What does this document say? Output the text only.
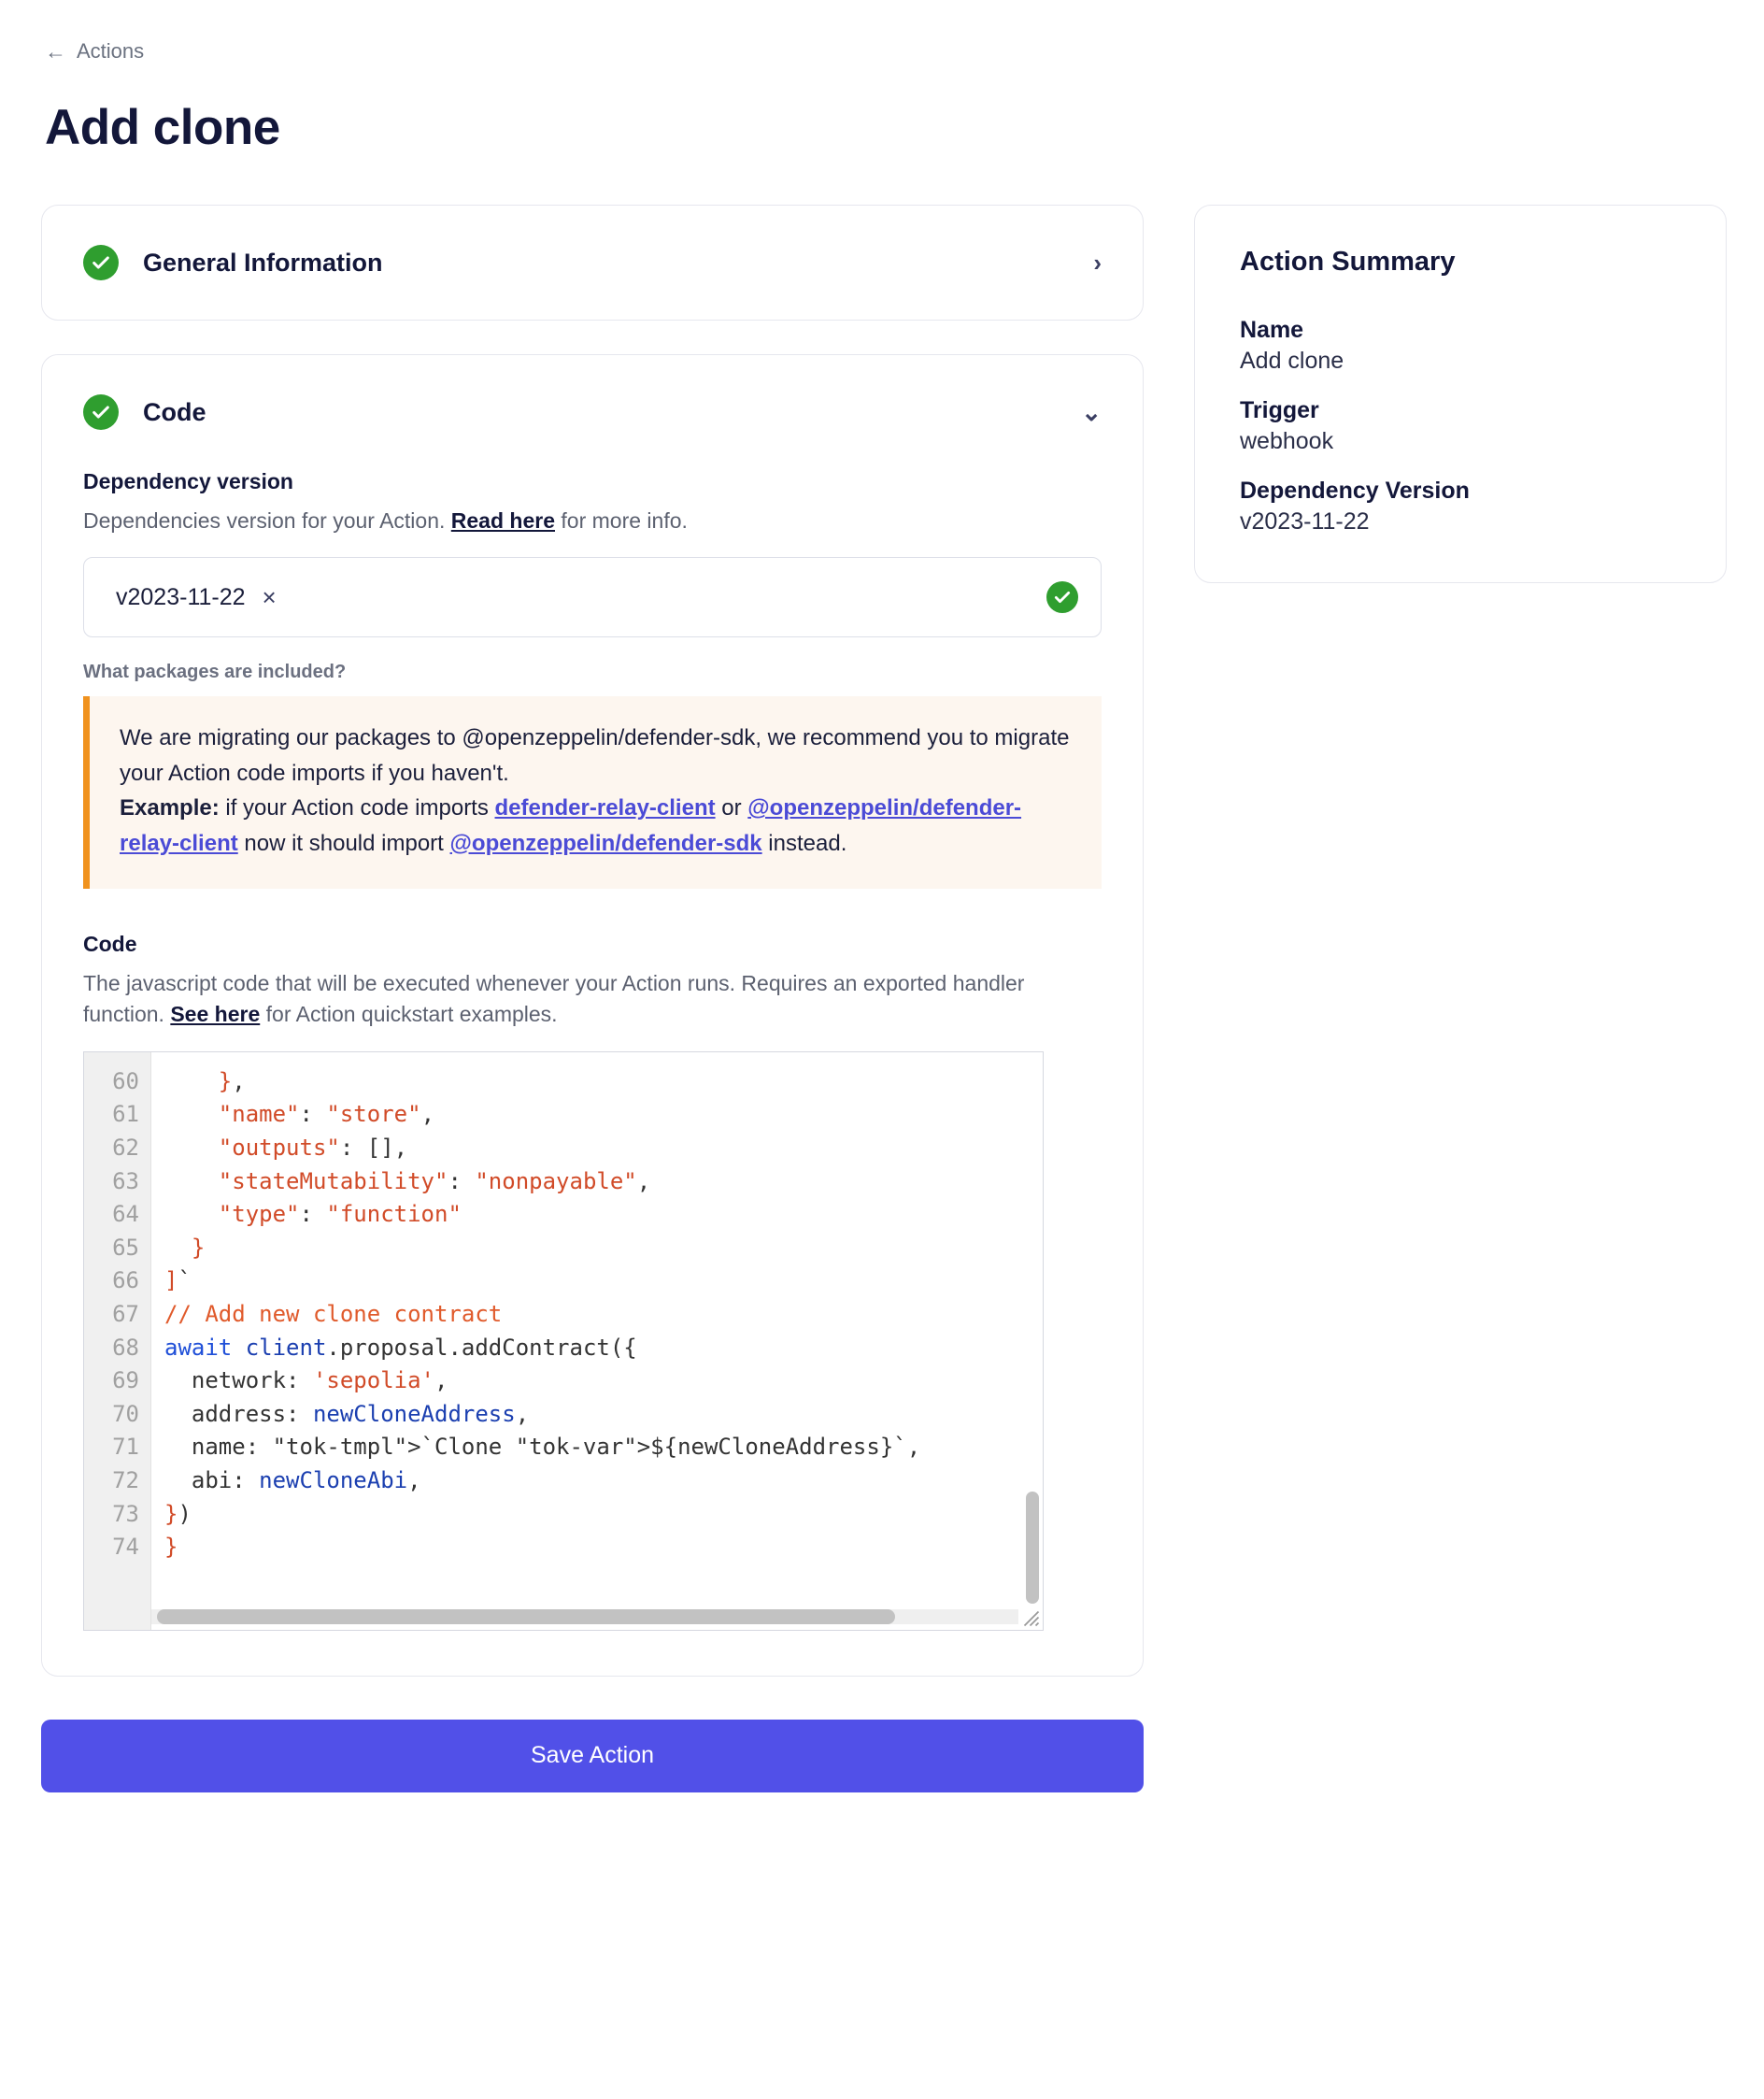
← Actions
Add clone
General Information	›
Code	⌄
Dependency version
Dependencies version for your Action. Read here for more info.
v2023-11-22 ×
What packages are included?
We are migrating our packages to @openzeppelin/defender-sdk, we recommend you to migrate your Action code imports if you haven't.
Example: if your Action code imports defender-relay-client or @openzeppelin/defender-relay-client now it should import @openzeppelin/defender-sdk instead.
Code
The javascript code that will be executed whenever your Action runs. Requires an exported handler function. See here for Action quickstart examples.
60 61 62 63 64 65 66 67 68 69 70 71 72 73 74
},
"name": "store",
"outputs": [],
"stateMutability": "nonpayable",
"type": "function"
}
]`
// Add new clone contract
await client.proposal.addContract({
network: 'sepolia',
address: newCloneAddress,
name: "tok-tmpl">`Clone "tok-var">${newCloneAddress}`,
abi: newCloneAbi,
})
}
Save Action
Action Summary
Name
Add clone
Trigger
webhook
Dependency Version
v2023-11-22
